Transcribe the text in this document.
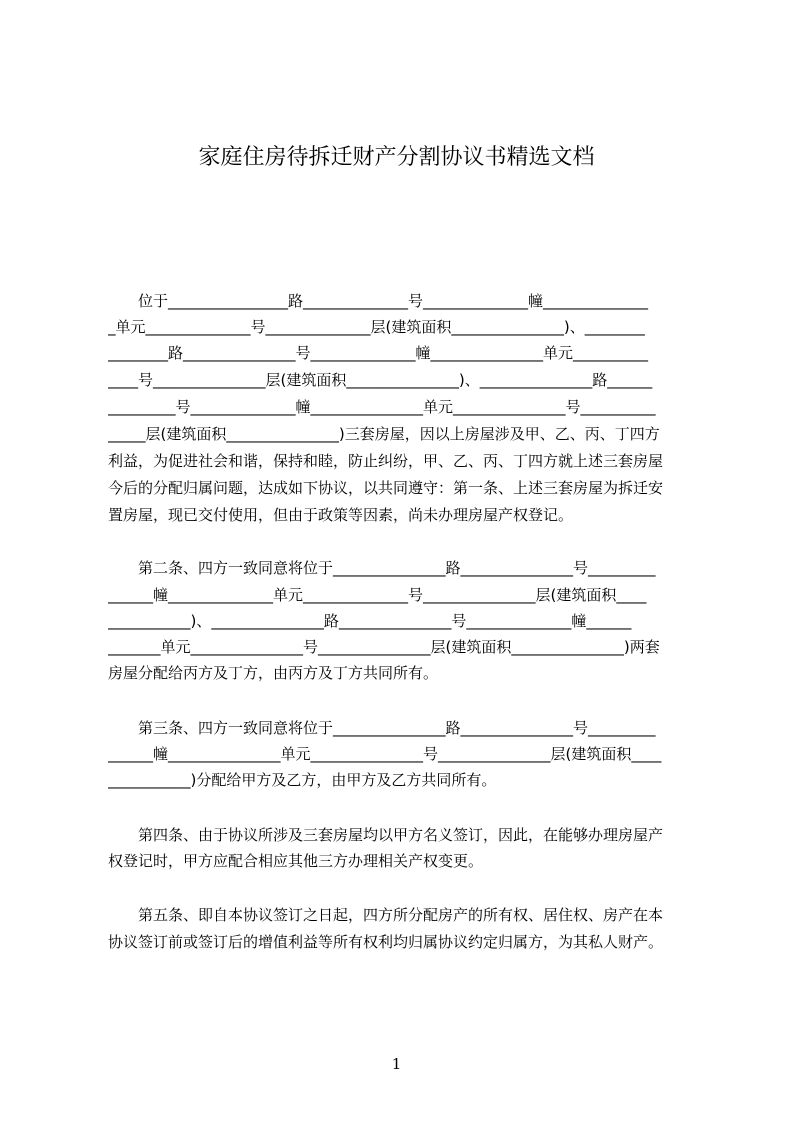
家庭住房待拆迁财产分割协议书精选文档
位于________________路______________号______________幢______________
_单元______________号______________层(建筑面积_______________)、________
________路_______________号______________幢_______________单元__________
____号_______________层(建筑面积_______________)、_______________路______
_________号______________幢_______________单元_______________号__________
_____层(建筑面积_______________)三套房屋，因以上房屋涉及甲、乙、丙、丁四方
利益，为促进社会和谐，保持和睦，防止纠纷，甲、乙、丙、丁四方就上述三套房屋
今后的分配归属问题，达成如下协议，以共同遵守：第一条、上述三套房屋为拆迁安
置房屋，现已交付使用，但由于政策等因素，尚未办理房屋产权登记。
第二条、四方一致同意将位于_______________路_______________号_________
______幢______________单元______________号_______________层(建筑面积____
___________)、_______________路_______________号______________幢______
_______单元_______________号_______________层(建筑面积_______________)两套
房屋分配给丙方及丁方，由丙方及丁方共同所有。
第三条、四方一致同意将位于_______________路_______________号_________
______幢_______________单元_______________号_______________层(建筑面积____
___________)分配给甲方及乙方，由甲方及乙方共同所有。
第四条、由于协议所涉及三套房屋均以甲方名义签订，因此，在能够办理房屋产
权登记时，甲方应配合相应其他三方办理相关产权变更。
第五条、即自本协议签订之日起，四方所分配房产的所有权、居住权、房产在本
协议签订前或签订后的增值利益等所有权利均归属协议约定归属方，为其私人财产。
1
